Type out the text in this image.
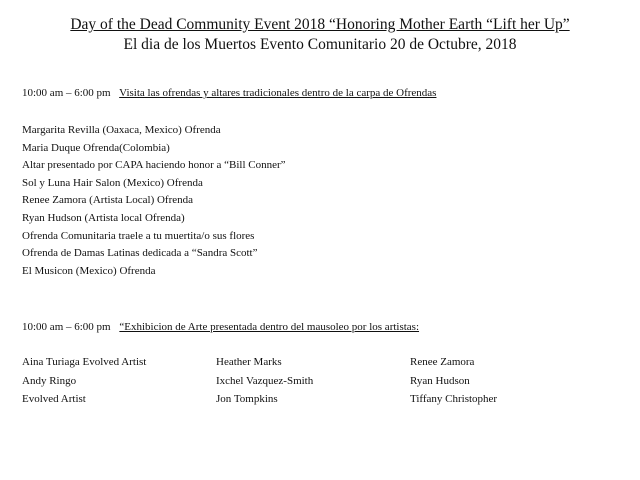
Day of the Dead Community Event 2018 “Honoring Mother Earth “Lift her Up”
El dia de los Muertos Evento Comunitario 20 de Octubre, 2018
10:00 am – 6:00 pm Visita las ofrendas y altares tradicionales dentro de la carpa de Ofrendas
Margarita Revilla (Oaxaca, Mexico) Ofrenda
Maria Duque Ofrenda(Colombia)
Altar presentado por CAPA haciendo honor a “Bill Conner”
Sol y Luna Hair Salon (Mexico) Ofrenda
Renee Zamora (Artista Local) Ofrenda
Ryan Hudson (Artista local Ofrenda)
Ofrenda Comunitaria traele a tu muertita/o sus flores
Ofrenda de Damas Latinas dedicada a “Sandra Scott”
El Musicon (Mexico) Ofrenda
10:00 am – 6:00 pm “Exhibicion de Arte presentada dentro del mausoleo por los artistas:
Aina Turiaga Evolved Artist
Andy Ringo
Evolved Artist
Heather Marks
Ixchel Vazquez-Smith
Jon Tompkins
Renee Zamora
Ryan Hudson
Tiffany Christopher
